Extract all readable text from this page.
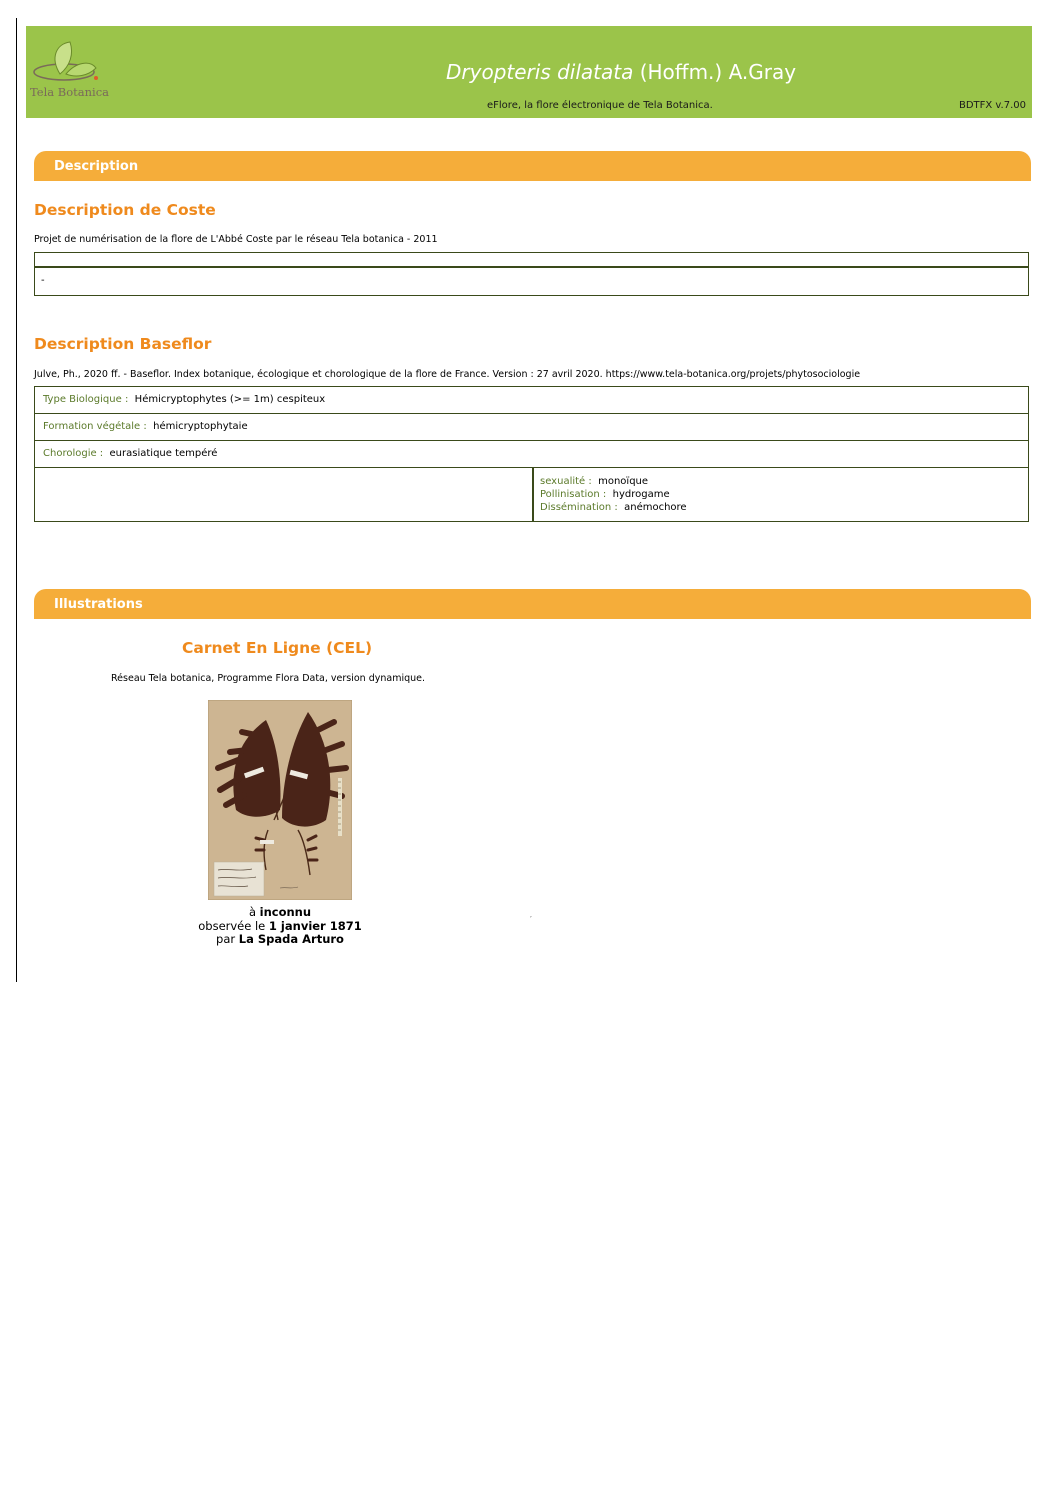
Tela Botanica
Dryopteris dilatata (Hoffm.) A.Gray
eFlore, la flore électronique de Tela Botanica.	BDTFX v.7.00
Description
Description de Coste
Projet de numérisation de la flore de L'Abbé Coste par le réseau Tela botanica - 2011
-
Description Baseflor
Julve, Ph., 2020 ff. - Baseflor. Index botanique, écologique et chorologique de la flore de France. Version : 27 avril 2020. https://www.tela-botanica.org/projets/phytosociologie
Type Biologique : Hémicryptophytes (>= 1m) cespiteux
Formation végétale : hémicryptophytaie
Chorologie : eurasiatique tempéré
sexualité : monoïque
Pollinisation : hydrogame
Dissémination : anémochore
Illustrations
Carnet En Ligne (CEL)
Réseau Tela botanica, Programme Flora Data, version dynamique.
à inconnu
observée le 1 janvier 1871
par La Spada Arturo
,
